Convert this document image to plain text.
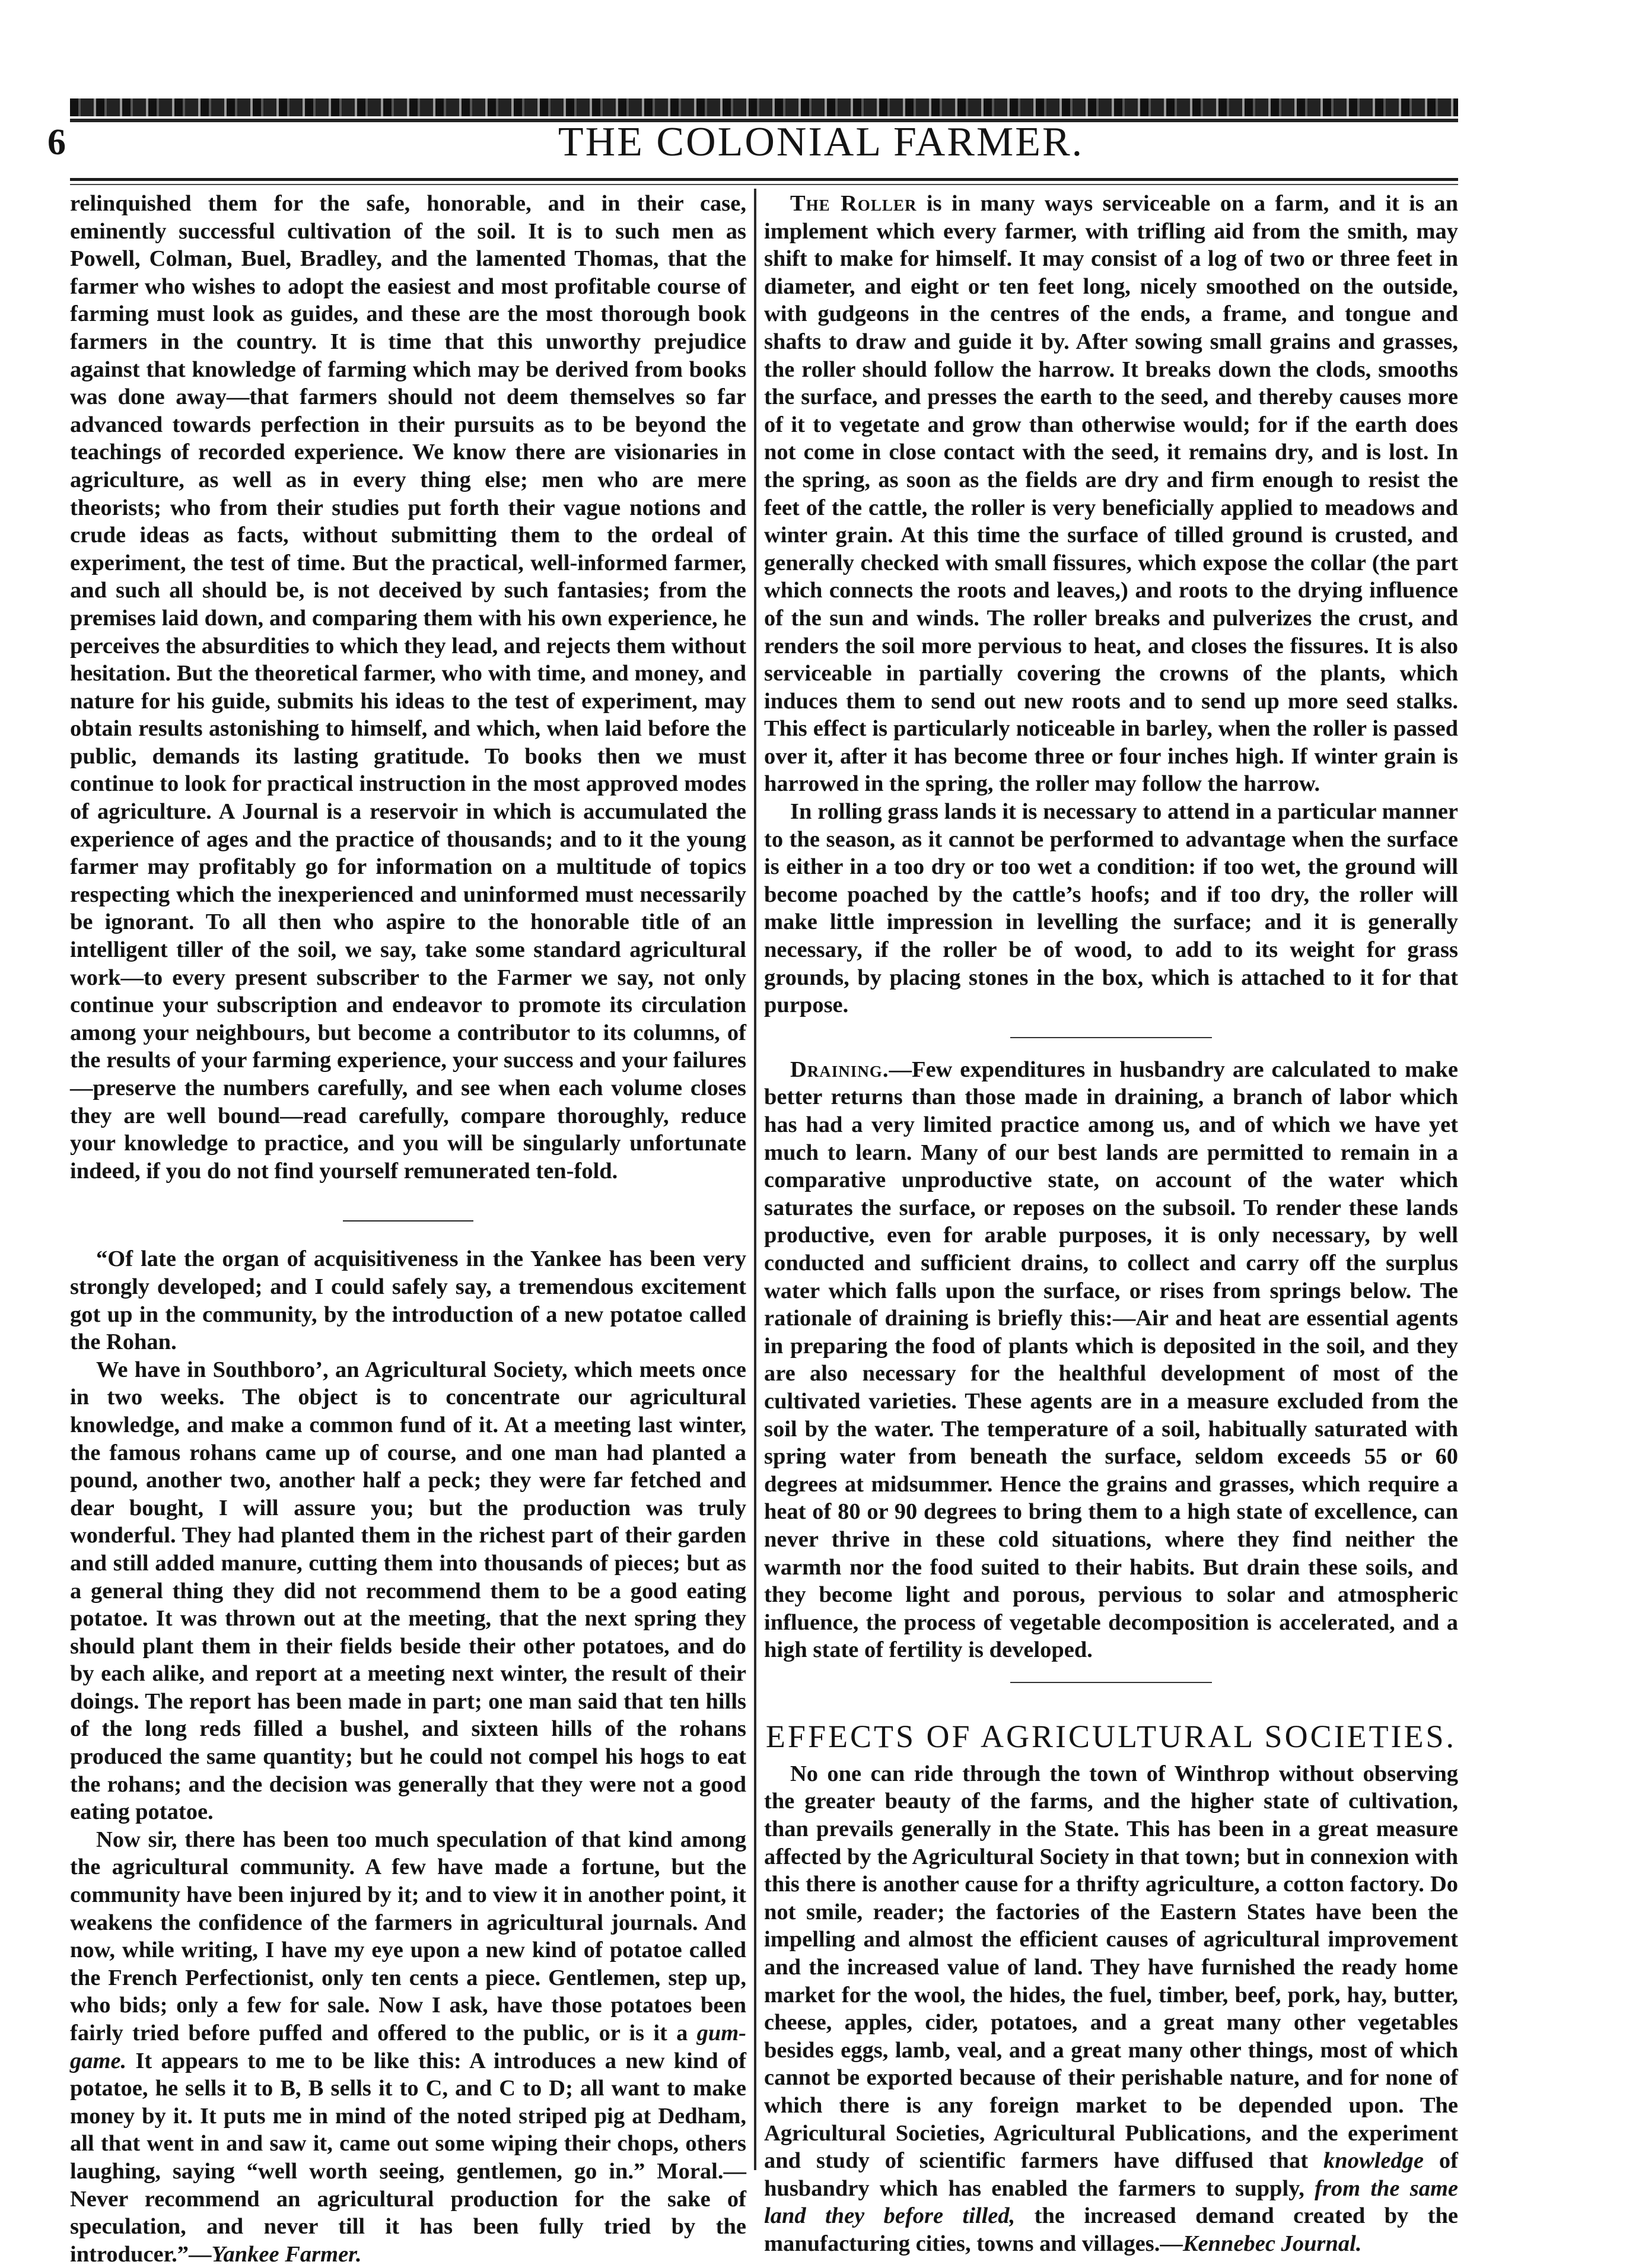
6	THE COLONIAL FARMER.

relinquished them for the safe, honorable, and in their case, eminently successful cultivation of the soil. It is to such men as Powell, Colman, Buel, Bradley, and the lamented Thomas, that the farmer who wishes to adopt the easiest and most profitable course of farming must look as guides, and these are the most thorough book farmers in the country. It is time that this unworthy prejudice against that knowledge of farming which may be derived from books was done away—that farmers should not deem themselves so far advanced towards perfection in their pursuits as to be beyond the teachings of recorded experience. We know there are visionaries in agriculture, as well as in every thing else; men who are mere theorists; who from their studies put forth their vague notions and crude ideas as facts, without submitting them to the ordeal of experiment, the test of time. But the practical, well-informed farmer, and such all should be, is not deceived by such fantasies; from the premises laid down, and comparing them with his own experience, he perceives the absurdities to which they lead, and rejects them without hesitation. But the theoretical farmer, who with time, and money, and nature for his guide, submits his ideas to the test of experiment, may obtain results astonishing to himself, and which, when laid before the public, demands its lasting gratitude. To books then we must continue to look for practical instruction in the most approved modes of agriculture. A Journal is a reservoir in which is accumulated the experience of ages and the practice of thousands; and to it the young farmer may profitably go for information on a multitude of topics respecting which the inexperienced and uninformed must necessarily be ignorant. To all then who aspire to the honorable title of an intelligent tiller of the soil, we say, take some standard agricultural work—to every present subscriber to the Farmer we say, not only continue your subscription and endeavor to promote its circulation among your neighbours, but become a contributor to its columns, of the results of your farming experience, your success and your failures—preserve the numbers carefully, and see when each volume closes they are well bound—read carefully, compare thoroughly, reduce your knowledge to practice, and you will be singularly unfortunate indeed, if you do not find yourself remunerated ten-fold.

“Of late the organ of acquisitiveness in the Yankee has been very strongly developed; and I could safely say, a tremendous excitement got up in the community, by the introduction of a new potatoe called the Rohan.

We have in Southboro’, an Agricultural Society, which meets once in two weeks. The object is to concentrate our agricultural knowledge, and make a common fund of it. At a meeting last winter, the famous rohans came up of course, and one man had planted a pound, another two, another half a peck; they were far fetched and dear bought, I will assure you; but the production was truly wonderful. They had planted them in the richest part of their garden and still added manure, cutting them into thousands of pieces; but as a general thing they did not recommend them to be a good eating potatoe. It was thrown out at the meeting, that the next spring they should plant them in their fields beside their other potatoes, and do by each alike, and report at a meeting next winter, the result of their doings. The report has been made in part; one man said that ten hills of the long reds filled a bushel, and sixteen hills of the rohans produced the same quantity; but he could not compel his hogs to eat the rohans; and the decision was generally that they were not a good eating potatoe.

Now sir, there has been too much speculation of that kind among the agricultural community. A few have made a fortune, but the community have been injured by it; and to view it in another point, it weakens the confidence of the farmers in agricultural journals. And now, while writing, I have my eye upon a new kind of potatoe called the French Perfectionist, only ten cents a piece. Gentlemen, step up, who bids; only a few for sale. Now I ask, have those potatoes been fairly tried before puffed and offered to the public, or is it a gum-game. It appears to me to be like this: A introduces a new kind of potatoe, he sells it to B, B sells it to C, and C to D; all want to make money by it. It puts me in mind of the noted striped pig at Dedham, all that went in and saw it, came out some wiping their chops, others laughing, saying “well worth seeing, gentlemen, go in.” Moral.—Never recommend an agricultural production for the sake of speculation, and never till it has been fully tried by the introducer.”—Yankee Farmer.

The Roller is in many ways serviceable on a farm, and it is an implement which every farmer, with trifling aid from the smith, may shift to make for himself. It may consist of a log of two or three feet in diameter, and eight or ten feet long, nicely smoothed on the outside, with gudgeons in the centres of the ends, a frame, and tongue and shafts to draw and guide it by. After sowing small grains and grasses, the roller should follow the harrow. It breaks down the clods, smooths the surface, and presses the earth to the seed, and thereby causes more of it to vegetate and grow than otherwise would; for if the earth does not come in close contact with the seed, it remains dry, and is lost. In the spring, as soon as the fields are dry and firm enough to resist the feet of the cattle, the roller is very beneficially applied to meadows and winter grain. At this time the surface of tilled ground is crusted, and generally checked with small fissures, which expose the collar (the part which connects the roots and leaves,) and roots to the drying influence of the sun and winds. The roller breaks and pulverizes the crust, and renders the soil more pervious to heat, and closes the fissures. It is also serviceable in partially covering the crowns of the plants, which induces them to send out new roots and to send up more seed stalks. This effect is particularly noticeable in barley, when the roller is passed over it, after it has become three or four inches high. If winter grain is harrowed in the spring, the roller may follow the harrow.

In rolling grass lands it is necessary to attend in a particular manner to the season, as it cannot be performed to advantage when the surface is either in a too dry or too wet a condition: if too wet, the ground will become poached by the cattle’s hoofs; and if too dry, the roller will make little impression in levelling the surface; and it is generally necessary, if the roller be of wood, to add to its weight for grass grounds, by placing stones in the box, which is attached to it for that purpose.

Draining.—Few expenditures in husbandry are calculated to make better returns than those made in draining, a branch of labor which has had a very limited practice among us, and of which we have yet much to learn. Many of our best lands are permitted to remain in a comparative unproductive state, on account of the water which saturates the surface, or reposes on the subsoil. To render these lands productive, even for arable purposes, it is only necessary, by well conducted and sufficient drains, to collect and carry off the surplus water which falls upon the surface, or rises from springs below. The rationale of draining is briefly this:—Air and heat are essential agents in preparing the food of plants which is deposited in the soil, and they are also necessary for the healthful development of most of the cultivated varieties. These agents are in a measure excluded from the soil by the water. The temperature of a soil, habitually saturated with spring water from beneath the surface, seldom exceeds 55 or 60 degrees at midsummer. Hence the grains and grasses, which require a heat of 80 or 90 degrees to bring them to a high state of excellence, can never thrive in these cold situations, where they find neither the warmth nor the food suited to their habits. But drain these soils, and they become light and porous, pervious to solar and atmospheric influence, the process of vegetable decomposition is accelerated, and a high state of fertility is developed.

EFFECTS OF AGRICULTURAL SOCIETIES.

No one can ride through the town of Winthrop without observing the greater beauty of the farms, and the higher state of cultivation, than prevails generally in the State. This has been in a great measure affected by the Agricultural Society in that town; but in connexion with this there is another cause for a thrifty agriculture, a cotton factory. Do not smile, reader; the factories of the Eastern States have been the impelling and almost the efficient causes of agricultural improvement and the increased value of land. They have furnished the ready home market for the wool, the hides, the fuel, timber, beef, pork, hay, butter, cheese, apples, cider, potatoes, and a great many other vegetables besides eggs, lamb, veal, and a great many other things, most of which cannot be exported because of their perishable nature, and for none of which there is any foreign market to be depended upon. The Agricultural Societies, Agricultural Publications, and the experiment and study of scientific farmers have diffused that knowledge of husbandry which has enabled the farmers to supply, from the same land they before tilled, the increased demand created by the manufacturing cities, towns and villages.—Kennebec Journal.
